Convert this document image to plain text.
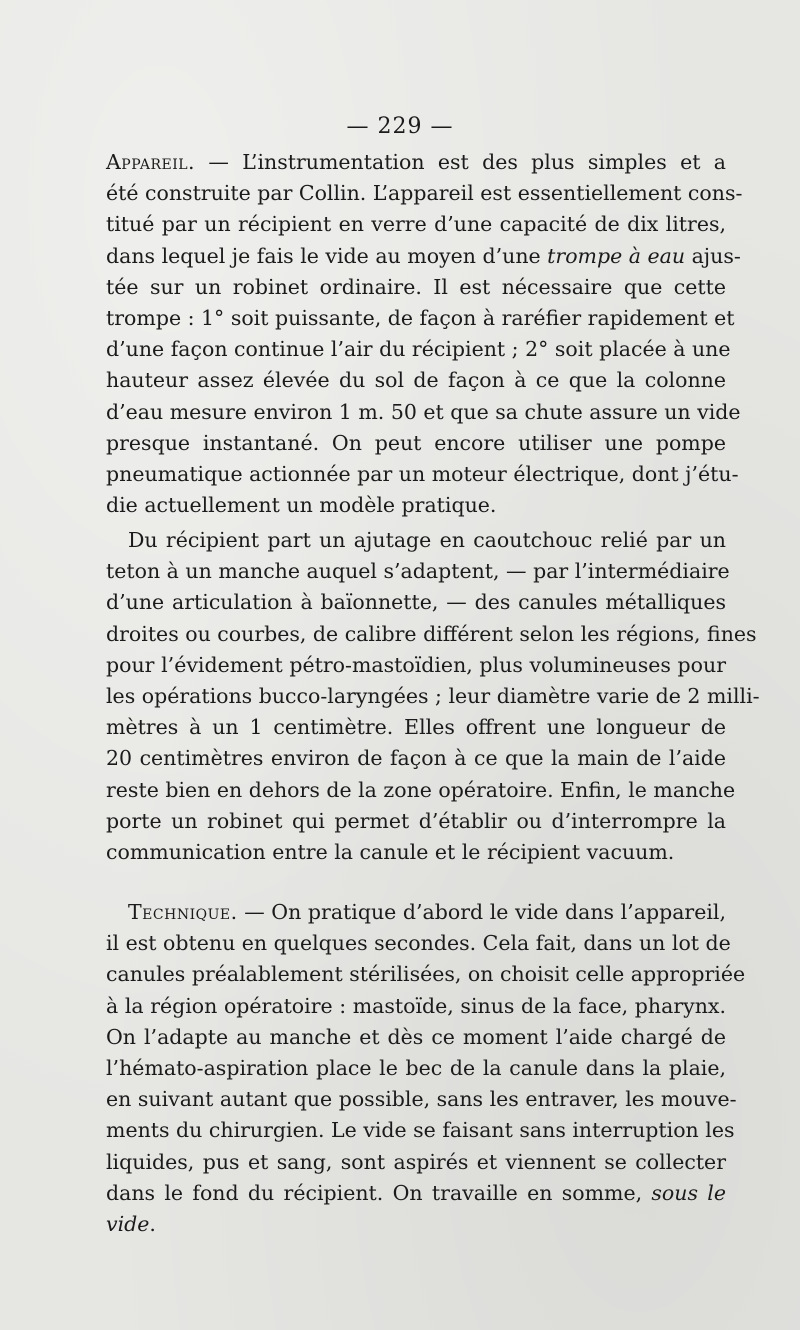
— 229 —
Appareil. — L’instrumentation est des plus simples et a
été construite par Collin. L’appareil est essentiellement cons-
titué par un récipient en verre d’une capacité de dix litres,
dans lequel je fais le vide au moyen d’une trompe à eau ajus-
tée sur un robinet ordinaire. Il est nécessaire que cette
trompe : 1° soit puissante, de façon à raréfier rapidement et
d’une façon continue l’air du récipient ; 2° soit placée à une
hauteur assez élevée du sol de façon à ce que la colonne
d’eau mesure environ 1 m. 50 et que sa chute assure un vide
presque instantané. On peut encore utiliser une pompe
pneumatique actionnée par un moteur électrique, dont j’étu-
die actuellement un modèle pratique.
Du récipient part un ajutage en caoutchouc relié par un
teton à un manche auquel s’adaptent, — par l’intermédiaire
d’une articulation à baïonnette, — des canules métalliques
droites ou courbes, de calibre différent selon les régions, fines
pour l’évidement pétro-mastoïdien, plus volumineuses pour
les opérations bucco-laryngées ; leur diamètre varie de 2 milli-
mètres à un 1 centimètre. Elles offrent une longueur de
20 centimètres environ de façon à ce que la main de l’aide
reste bien en dehors de la zone opératoire. Enfin, le manche
porte un robinet qui permet d’établir ou d’interrompre la
communication entre la canule et le récipient vacuum.
Technique. — On pratique d’abord le vide dans l’appareil,
il est obtenu en quelques secondes. Cela fait, dans un lot de
canules préalablement stérilisées, on choisit celle appropriée
à la région opératoire : mastoïde, sinus de la face, pharynx.
On l’adapte au manche et dès ce moment l’aide chargé de
l’hémato-aspiration place le bec de la canule dans la plaie,
en suivant autant que possible, sans les entraver, les mouve-
ments du chirurgien. Le vide se faisant sans interruption les
liquides, pus et sang, sont aspirés et viennent se collecter
dans le fond du récipient. On travaille en somme, sous le
vide.
